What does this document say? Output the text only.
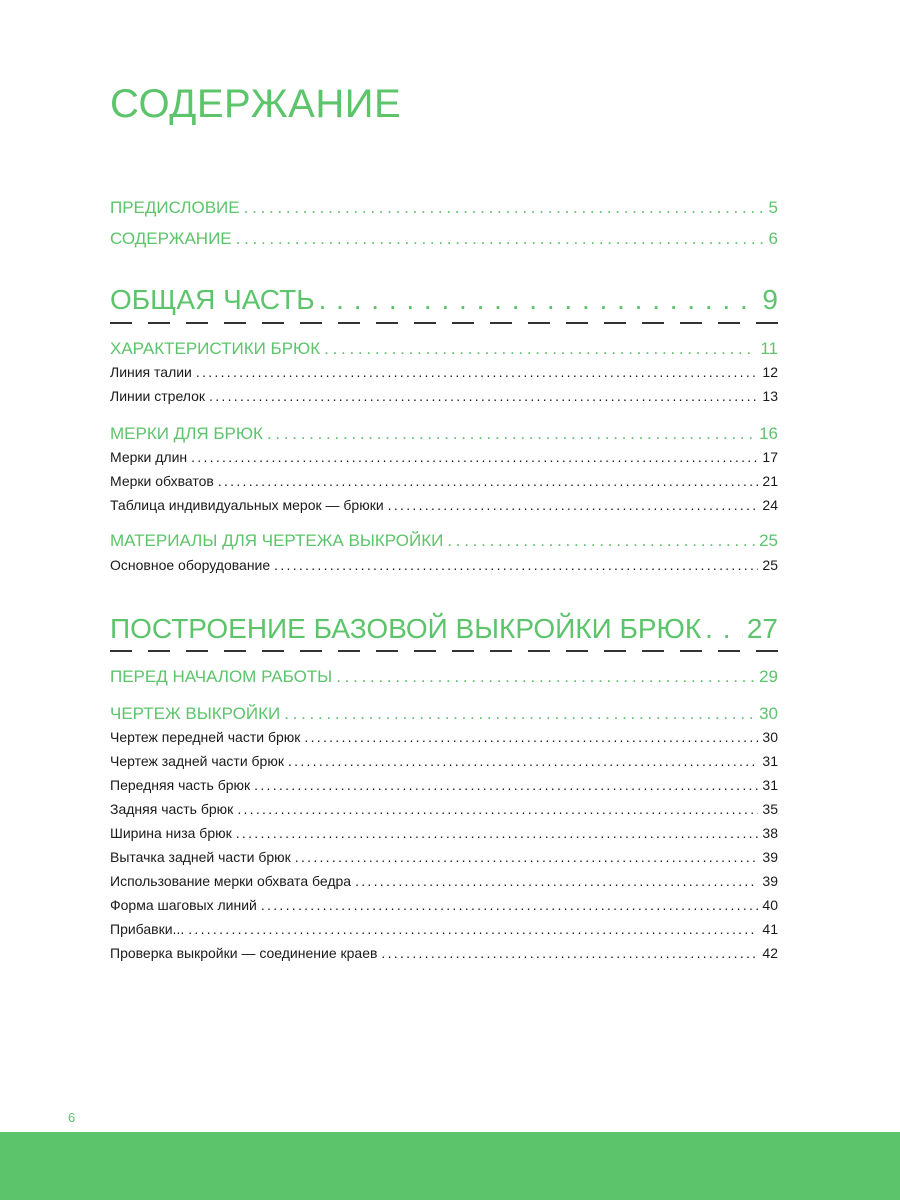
СОДЕРЖАНИЕ
ПРЕДИСЛОВИЕ . . .	5
СОДЕРЖАНИЕ . . .	6
ОБЩАЯ ЧАСТЬ . . .	9
ХАРАКТЕРИСТИКИ БРЮК . . .	11
Линия талии . . .	12
Линии стрелок . . .	13
МЕРКИ ДЛЯ БРЮК . . .	16
Мерки длин . . .	17
Мерки обхватов . . .	21
Таблица индивидуальных мерок — брюки . . .	24
МАТЕРИАЛЫ ДЛЯ ЧЕРТЕЖА ВЫКРОЙКИ . . .	25
Основное оборудование . . .	25
ПОСТРОЕНИЕ БАЗОВОЙ ВЫКРОЙКИ БРЮК . . . 27
ПЕРЕД НАЧАЛОМ РАБОТЫ . . .	29
ЧЕРТЕЖ ВЫКРОЙКИ . . .	30
Чертеж передней части брюк . . .	30
Чертеж задней части брюк . . .	31
Передняя часть брюк . . .	31
Задняя часть брюк . . .	35
Ширина низа брюк . . .	38
Вытачка задней части брюк . . .	39
Использование мерки обхвата бедра . . .	39
Форма шаговых линий . . .	40
Прибавки... . . .	41
Проверка выкройки — соединение краев . . .	42
6
